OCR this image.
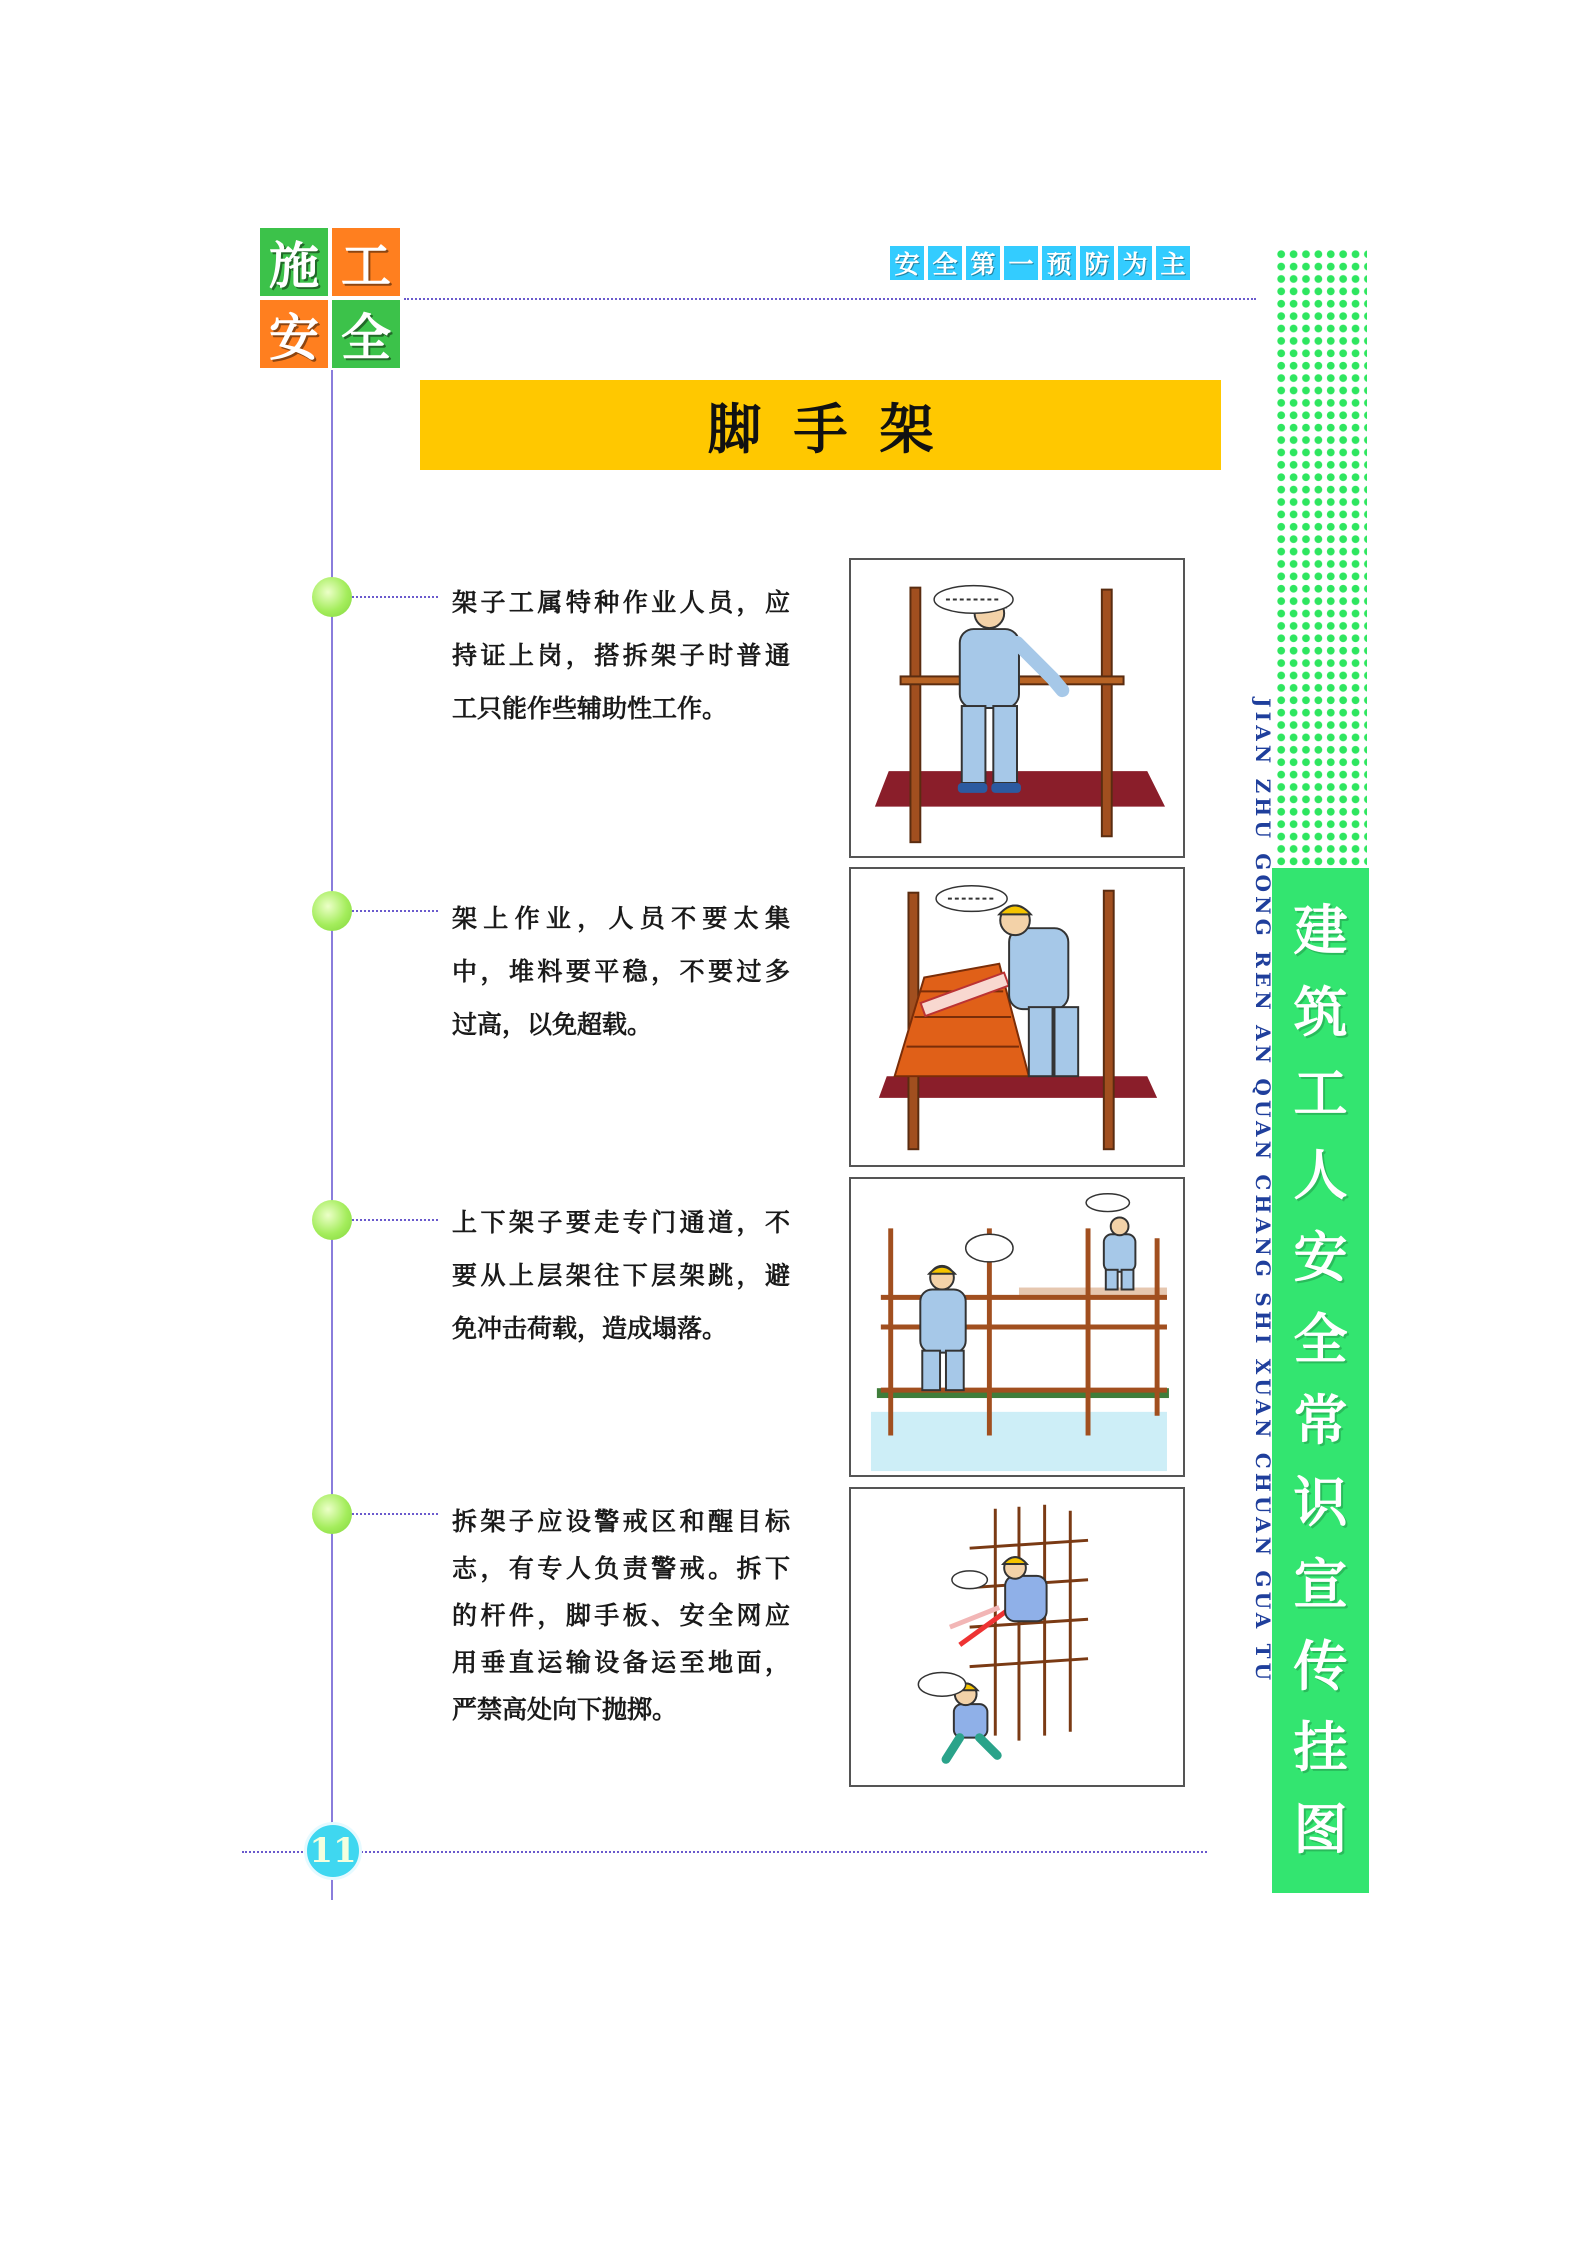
施 工
安 全
安 全 第 一 预 防 为 主
脚手架
建
筑
工
人
安
全
常
识
宣
传
挂
图
JIAN ZHU GONG REN AN QUAN CHANG SHI XUAN CHUAN GUA TU
架子工属特种作业人员，应
持证上岗，搭拆架子时普通
工只能作些辅助性工作。
架上作业，人员不要太集
中，堆料要平稳，不要过多
过高，以免超载。
上下架子要走专门通道，不
要从上层架往下层架跳，避
免冲击荷载，造成塌落。
拆架子应设警戒区和醒目标
志，有专人负责警戒。拆下
的杆件，脚手板、安全网应
用垂直运输设备运至地面，
严禁高处向下抛掷。
11
